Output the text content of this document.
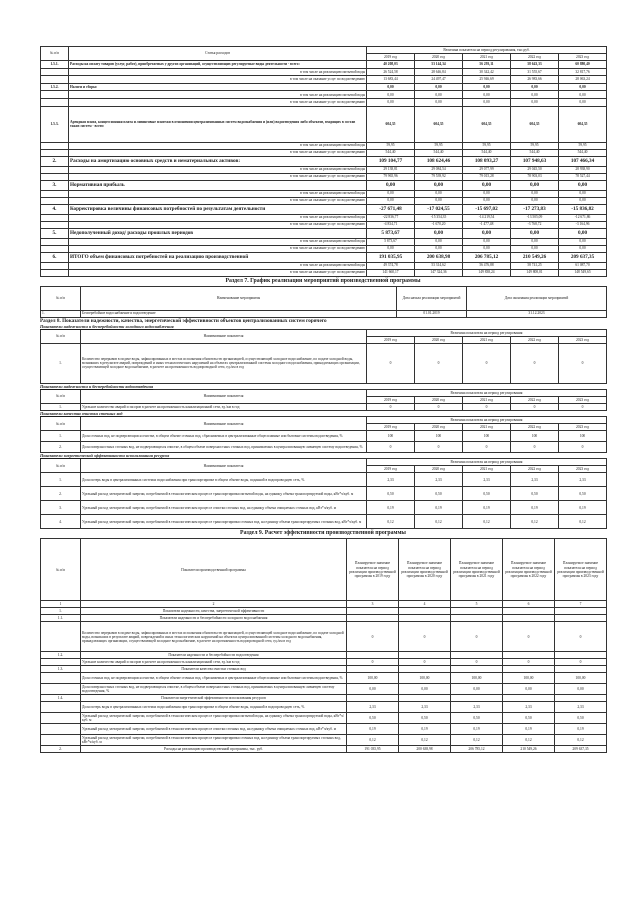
№ п/п	Статья расходов	Величина показателя на период регулирования, тыс.руб.				
		2019 год	2020 год	2021 год	2022 год	2023 год
1.5.1.	Расходы на оплату товаров (услуг, работ), приобретаемых у других организаций, осуществляющих регулируемые виды деятельности - всего:	40 208,03	53 144,34	56 293,11	58 643,33	60 880,40
	в том числе на реализацию питьевой воды	26 524,58	28 646,84	30 342,42	31 555,67	32 817,76
	в том числе на оказание услуг по водоотведению	13 683,44	24 497,47	25 946,69	26 983,66	28 063,24
1.5.2.	Налоги и сборы:	0,00	0,00	0,00	0,00	0,00
	в том числе на реализацию питьевой воды	0,00	0,00	0,00	0,00	0,00
	в том числе на оказание услуг по водоотведению	0,00	0,00	0,00	0,00	0,00
1.5.3.	Арендная плата, концессионная плата и лизинговые платежи в отношении централизованных систем водоснабжения и (или) водоотведения либо объектов, входящих в состав таких систем - всего:	604,35	604,35	604,35	604,35	604,35
	в том числе на реализацию питьевой воды	59,95	59,95	59,95	59,95	59,95
	в том числе на оказание услуг по водоотведению	544,40	544,40	544,40	544,40	544,40
2.	Расходы на амортизацию основных средств и нематериальных активов:	109 104,77	108 624,46	108 093,27	107 948,63	107 466,34
	в том числе на реализацию питьевой воды	29 138,81	29 084,54	29 077,99	29 045,50	28 938,90
	в том числе на оказание услуг по водоотведению	79 965,96	79 539,92	79 015,28	78 903,03	78 527,44
3.	Нормативная прибыль	0,00	0,00	0,00	0,00	0,00
	в том числе на реализацию питьевой воды	0,00	0,00	0,00	0,00	0,00
	в том числе на оказание услуг по водоотведению	0,00	0,00	0,00	0,00	0,00
4.	Корректировка величины финансовых потребностей по результатам деятельности	-27 671,48	-17 024,55	-15 697,02	-17 273,83	-15 836,82
	в том числе на реализацию питьевой воды	-22 836,77	-15 354,35	-14 219,54	-13 505,09	-12 671,86
	в том числе на оказание услуг по водоотведению	-4 834,71	-1 670,20	-1 477,48	-3 768,72	-3 164,96
5.	Недополученный доход/ расходы прошлых периодов	5 873,67	0,00	0,00	0,00	0,00
	в том числе на реализацию питьевой воды	5 873,67	0,00	0,00	0,00	0,00
	в том числе на оказание услуг по водоотведению	0,00	0,00	0,00	0,00	0,00
6.	ИТОГО объем финансовых потребностей на реализацию производственной	191 035,95	200 638,98	206 785,12	210 549,26	209 637,35
	в том числе на реализацию питьевой воды	49 374,78	53 314,62	56 476,88	58 741,25	61 087,70
	в том числе на оказание услуг по водоотведению	141 660,17	147 324,36	149 838,24	149 808,01	148 549,65
Раздел 7. График реализации мероприятий производственной программы
№ п/п	Наименование мероприятия	Дата начала реализации мероприятий	Дата окончания реализации мероприятий
1.	Бесперебойное водоснабжение и водоотведение	01.01.2019	31.12.2023
Раздел 8. Показатели надежности, качества, энергетической эффективности объектов централизованных систем горячего
Показатели надежности и бесперебойности холодного водоснабжения
№ п/п	Наименование показателя	Величина показателя на период регулирования				
		2019 год	2020 год	2021 год	2022 год	2023 год
1.	Количество перерывов в подаче воды, зафиксированных в местах исполнения обязательств организацией, осуществляющей холодное водоснабжение, по подаче холодной воды, возникших в результате аварий, повреждений и иных технологических нарушений на объектах централизованной системы холодного водоснабжения, принадлежащих организации, осуществляющей холодное водоснабжение, в расчете на протяженность водопроводной сети, ед./км в год	0	0	0	0	0
Показатели надежности и бесперебойности водоотведения
№ п/п	Наименование показателя	Величина показателя на период регулирования				
		2019 год	2020 год	2021 год	2022 год	2023 год
1.	Удельное количество аварий и засоров в расчете на протяженность канализационной сети, ед./км в год	0	0	0	0	0
Показатели качества очистки сточных вод
№ п/п	Наименование показателя	Величина показателя на период регулирования				
		2019 год	2020 год	2021 год	2022 год	2023 год
1.	Доля сточных вод, не подвергающихся очистке, в общем объеме сточных вод, сбрасываемых в централизованные общесплавные или бытовые системы водоотведения, %	100	100	100	100	100
2.	Доля поверхностных сточных вод, не подвергающихся очистке, в общем объеме поверхностных сточных вод, принимаемых в централизованную ливневую систему водоотведения, %	0	0	0	0	0
Показатели энергетической эффективности использования ресурсов
№ п/п	Наименование показателя	Величина показателя на период регулирования				
		2019 год	2020 год	2021 год	2022 год	2023 год
1.	Доля потерь воды в централизованных системах водоснабжения при транспортировке в общем объеме воды, поданной в водопроводную сеть, %	2,33	2,33	2,33	2,33	2,33
2.	Удельный расход электрической энергии, потребляемой в технологическом процессе транспортировки питьевой воды, на единицу объема транспортируемой воды, кВт*ч/куб. м	0,50	0,50	0,50	0,50	0,50
3.	Удельный расход электрической энергии, потребляемой в технологическом процессе очистки сточных вод, на единицу объема очищаемых сточных вод, кВт*ч/куб. м	0,19	0,19	0,19	0,19	0,19
4.	Удельный расход электрической энергии, потребляемой в технологическом процессе транспортировки сточных вод, на единицу объема транспортируемых сточных вод, кВт*ч/куб. м	0,12	0,12	0,12	0,12	0,12
Раздел 9. Расчет эффективности производственной программы
№ п/п	Показатели производственной программы	Планируемое значение показателя на период реализации производственной программы в 2019 году	Планируемое значение показателя на период реализации производственной программы в 2020 году	Планируемое значение показателя на период реализации производственной программы в 2021 году	Планируемое значение показателя на период реализации производственной программы в 2022 году	Планируемое значение показателя на период реализации производственной программы в 2023 году
1	2	3	4	5	6	7
1.	Показатели надежности, качества, энергетической эффективности					
1.1.	Показатели надежности и бесперебойности холодного водоснабжения					
	Количество перерывов в подаче воды, зафиксированных в местах исполнения обязательств организацией, осуществляющей холодное водоснабжение, по подаче холодной воды, возникших в результате аварий, повреждений и иных технологических нарушений на объектах централизованной системы холодного водоснабжения, принадлежащих организации, осуществляющей холодное водоснабжение, в расчете на протяженность водопроводной сети, ед./км в год	0	0	0	0	0
1.2.	Показатели надежности и бесперебойности водоотведения					
	Удельное количество аварий и засоров в расчете на протяженность канализационной сети, ед./км в год	0	0	0	0	0
1.3.	Показатели качества очистки сточных вод					
	Доля сточных вод, не подвергающихся очистке, в общем объеме сточных вод, сбрасываемых в централизованные общесплавные или бытовые системы водоотведения, %	100,00	100,00	100,00	100,00	100,00
	Доля поверхностных сточных вод, не подвергающихся очистке, в общем объеме поверхностных сточных вод, принимаемых в централизованную ливневую систему водоотведения, %	0,00	0,00	0,00	0,00	0,00
1.4.	Показатели энергетической эффективности использования ресурсов					
	Доля потерь воды в централизованных системах водоснабжения при транспортировке в общем объеме воды, поданной в водопроводную сеть, %	2,33	2,33	2,33	2,33	2,33
	Удельный расход электрической энергии, потребляемой в технологическом процессе транспортировки питьевой воды, на единицу объема транспортируемой воды, кВт*ч/куб. м	0,50	0,50	0,50	0,50	0,50
	Удельный расход электрической энергии, потребляемой в технологическом процессе очистки сточных вод, на единицу объема очищаемых сточных вод, кВт*ч/куб. м	0,19	0,19	0,19	0,19	0,19
	Удельный расход электрической энергии, потребляемой в технологическом процессе транспортировки сточных вод, на единицу объема транспортируемых сточных вод, кВт*ч/куб. м	0,12	0,12	0,12	0,12	0,12
2.	Расходы на реализацию производственной программы, тыс. руб.	191 035,95	200 638,98	206 785,12	210 549,26	209 637,35
